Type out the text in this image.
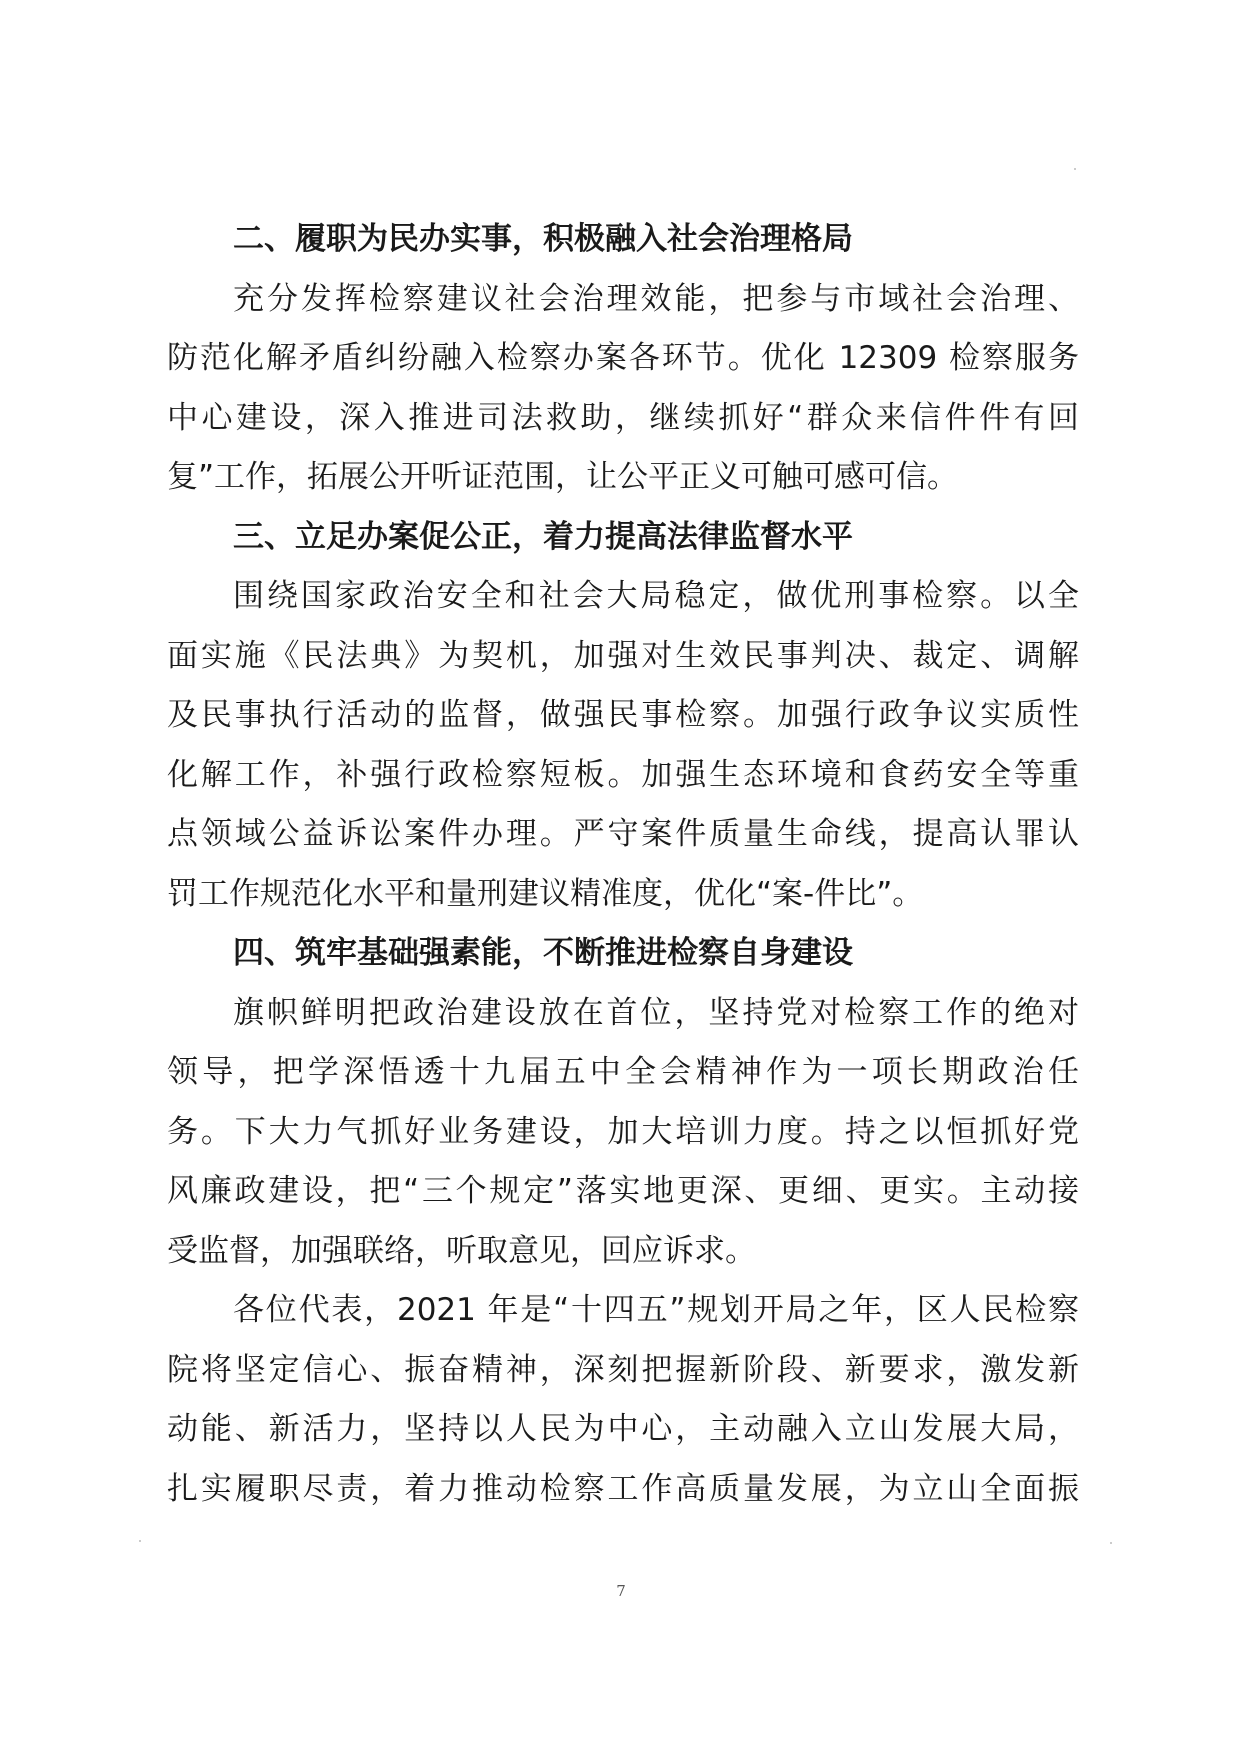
二、履职为民办实事，积极融入社会治理格局
充分发挥检察建议社会治理效能，把参与市域社会治理、
防范化解矛盾纠纷融入检察办案各环节。优化 12309 检察服务
中心建设，深入推进司法救助，继续抓好“群众来信件件有回
复”工作，拓展公开听证范围，让公平正义可触可感可信。
三、立足办案促公正，着力提高法律监督水平
围绕国家政治安全和社会大局稳定，做优刑事检察。以全
面实施《民法典》为契机，加强对生效民事判决、裁定、调解
及民事执行活动的监督，做强民事检察。加强行政争议实质性
化解工作，补强行政检察短板。加强生态环境和食药安全等重
点领域公益诉讼案件办理。严守案件质量生命线，提高认罪认
罚工作规范化水平和量刑建议精准度，优化“案-件比”。
四、筑牢基础强素能，不断推进检察自身建设
旗帜鲜明把政治建设放在首位，坚持党对检察工作的绝对
领导，把学深悟透十九届五中全会精神作为一项长期政治任
务。下大力气抓好业务建设，加大培训力度。持之以恒抓好党
风廉政建设，把“三个规定”落实地更深、更细、更实。主动接
受监督，加强联络，听取意见，回应诉求。
各位代表，2021 年是“十四五”规划开局之年，区人民检察
院将坚定信心、振奋精神，深刻把握新阶段、新要求，激发新
动能、新活力，坚持以人民为中心，主动融入立山发展大局，
扎实履职尽责，着力推动检察工作高质量发展，为立山全面振
7
